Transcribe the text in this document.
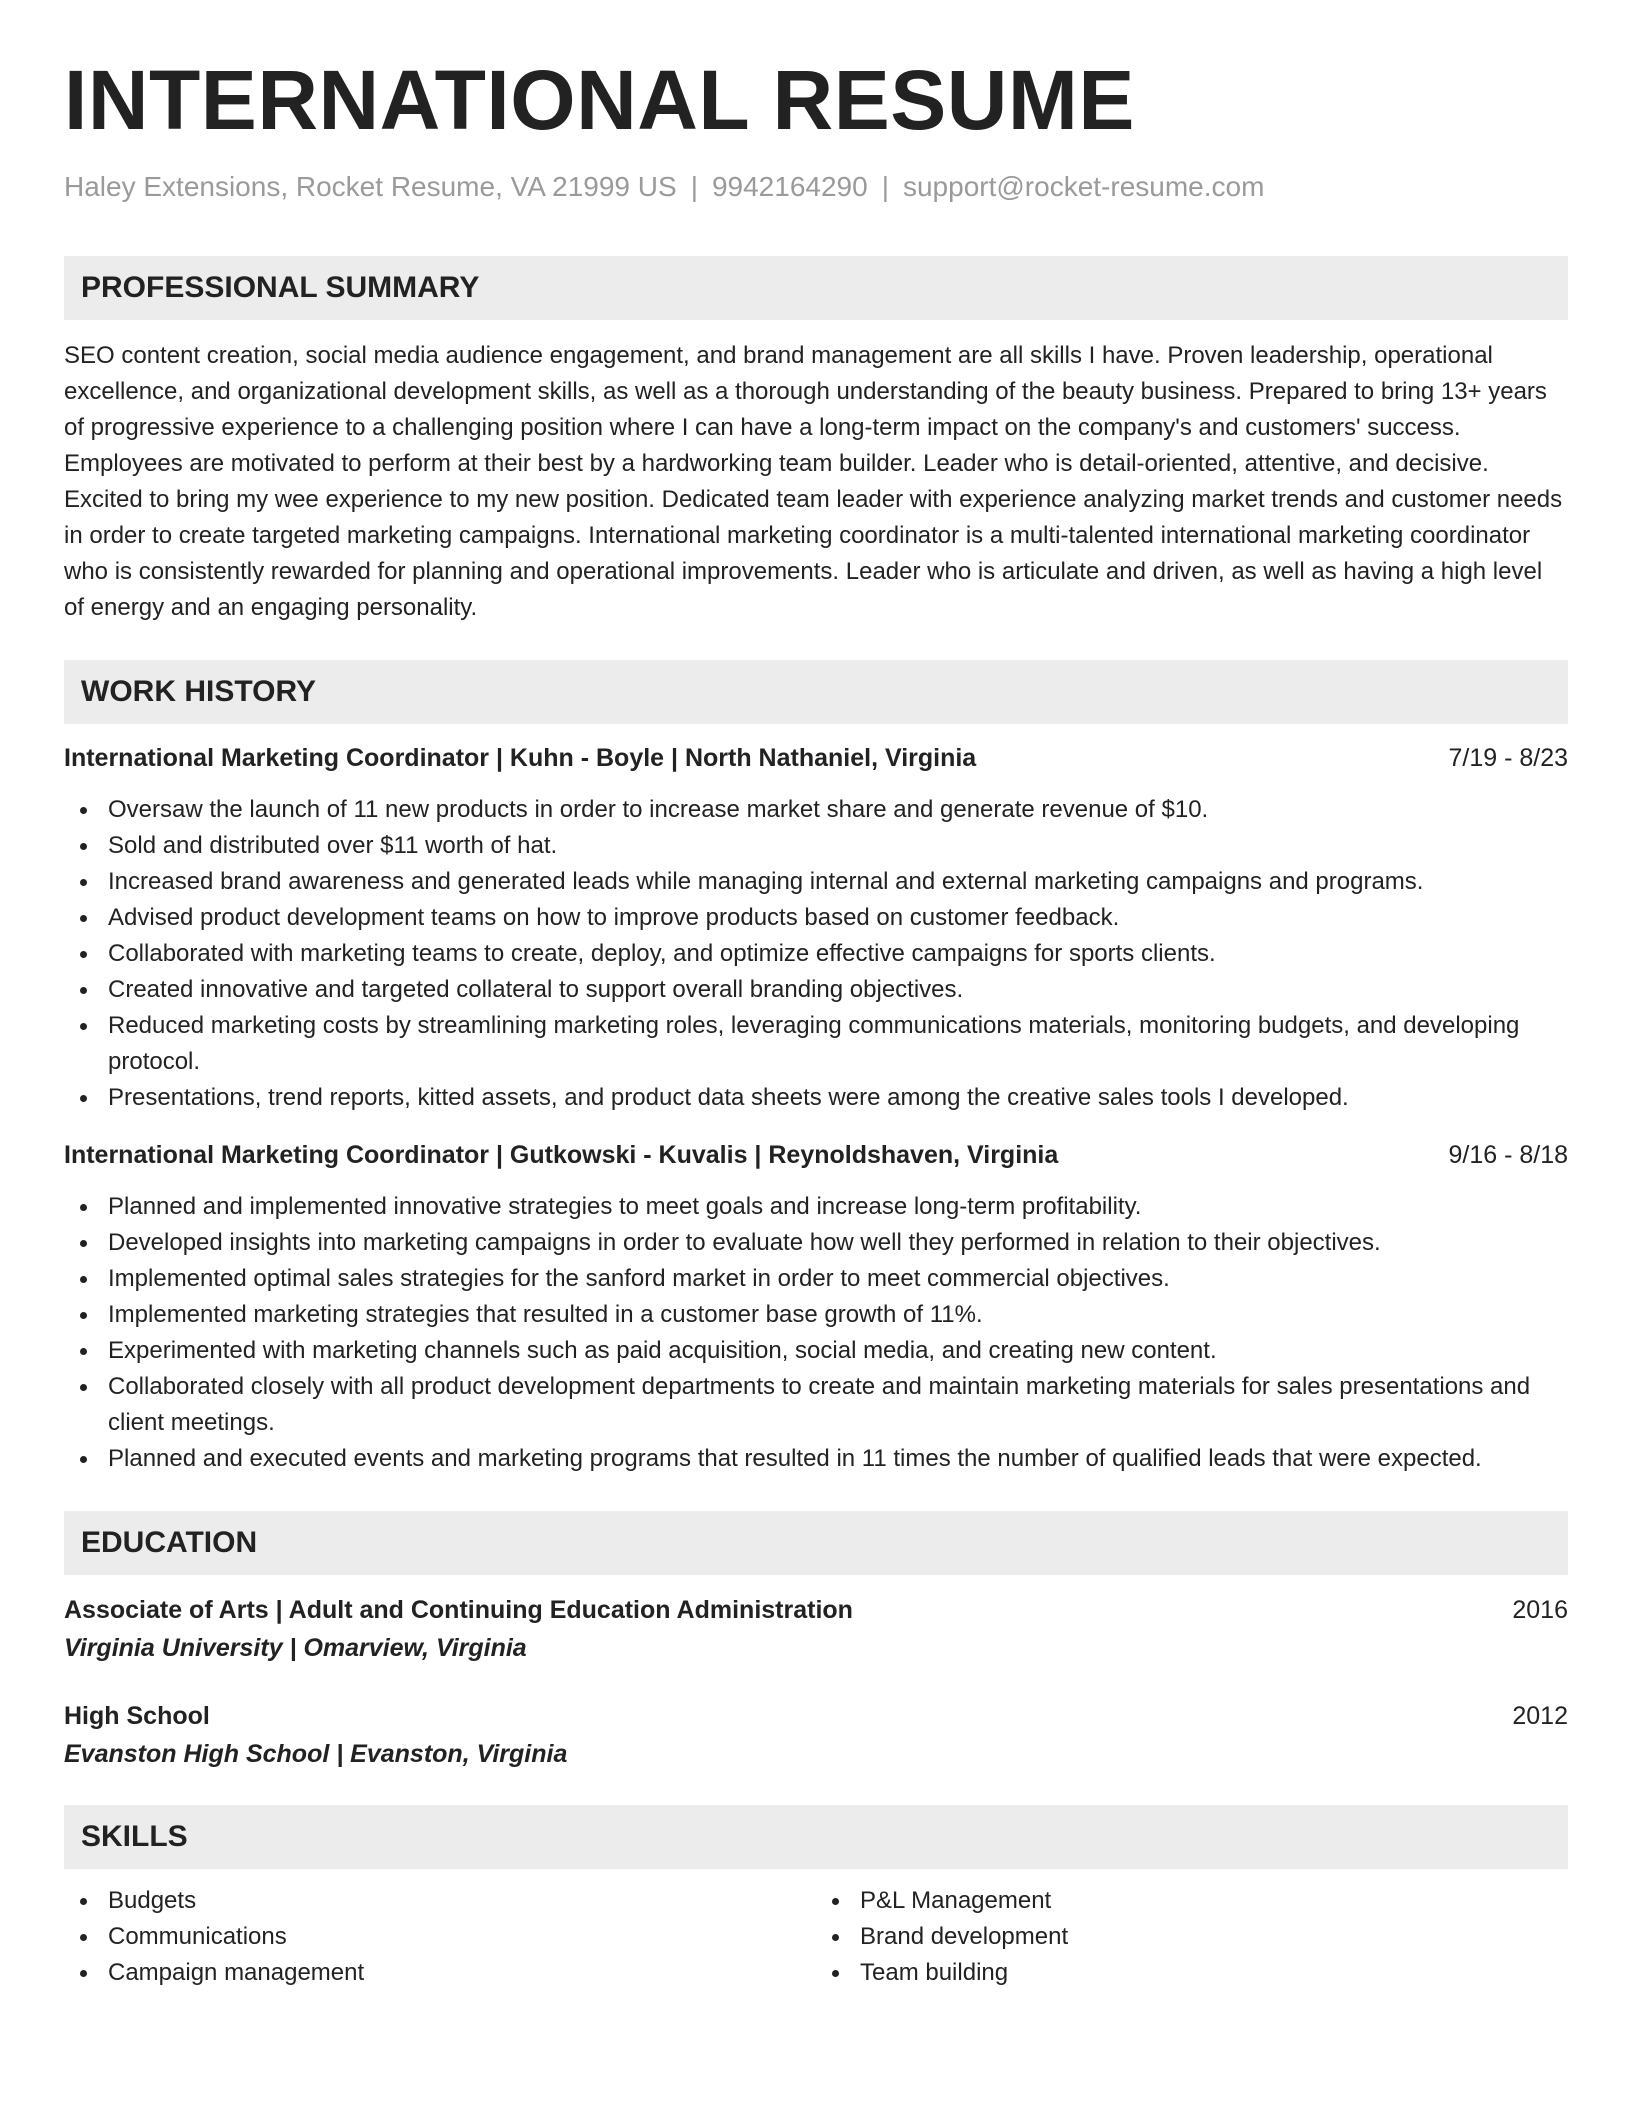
INTERNATIONAL RESUME
Haley Extensions, Rocket Resume, VA 21999 US | 9942164290 | support@rocket-resume.com
PROFESSIONAL SUMMARY
SEO content creation, social media audience engagement, and brand management are all skills I have. Proven leadership, operational excellence, and organizational development skills, as well as a thorough understanding of the beauty business. Prepared to bring 13+ years of progressive experience to a challenging position where I can have a long-term impact on the company's and customers' success. Employees are motivated to perform at their best by a hardworking team builder. Leader who is detail-oriented, attentive, and decisive. Excited to bring my wee experience to my new position. Dedicated team leader with experience analyzing market trends and customer needs in order to create targeted marketing campaigns. International marketing coordinator is a multi-talented international marketing coordinator who is consistently rewarded for planning and operational improvements. Leader who is articulate and driven, as well as having a high level of energy and an engaging personality.
WORK HISTORY
International Marketing Coordinator | Kuhn - Boyle | North Nathaniel, Virginia	7/19 - 8/23
Oversaw the launch of 11 new products in order to increase market share and generate revenue of $10.
Sold and distributed over $11 worth of hat.
Increased brand awareness and generated leads while managing internal and external marketing campaigns and programs.
Advised product development teams on how to improve products based on customer feedback.
Collaborated with marketing teams to create, deploy, and optimize effective campaigns for sports clients.
Created innovative and targeted collateral to support overall branding objectives.
Reduced marketing costs by streamlining marketing roles, leveraging communications materials, monitoring budgets, and developing protocol.
Presentations, trend reports, kitted assets, and product data sheets were among the creative sales tools I developed.
International Marketing Coordinator | Gutkowski - Kuvalis | Reynoldshaven, Virginia	9/16 - 8/18
Planned and implemented innovative strategies to meet goals and increase long-term profitability.
Developed insights into marketing campaigns in order to evaluate how well they performed in relation to their objectives.
Implemented optimal sales strategies for the sanford market in order to meet commercial objectives.
Implemented marketing strategies that resulted in a customer base growth of 11%.
Experimented with marketing channels such as paid acquisition, social media, and creating new content.
Collaborated closely with all product development departments to create and maintain marketing materials for sales presentations and client meetings.
Planned and executed events and marketing programs that resulted in 11 times the number of qualified leads that were expected.
EDUCATION
Associate of Arts | Adult and Continuing Education Administration	2016
Virginia University | Omarview, Virginia
High School	2012
Evanston High School | Evanston, Virginia
SKILLS
Budgets
Communications
Campaign management
P&L Management
Brand development
Team building
